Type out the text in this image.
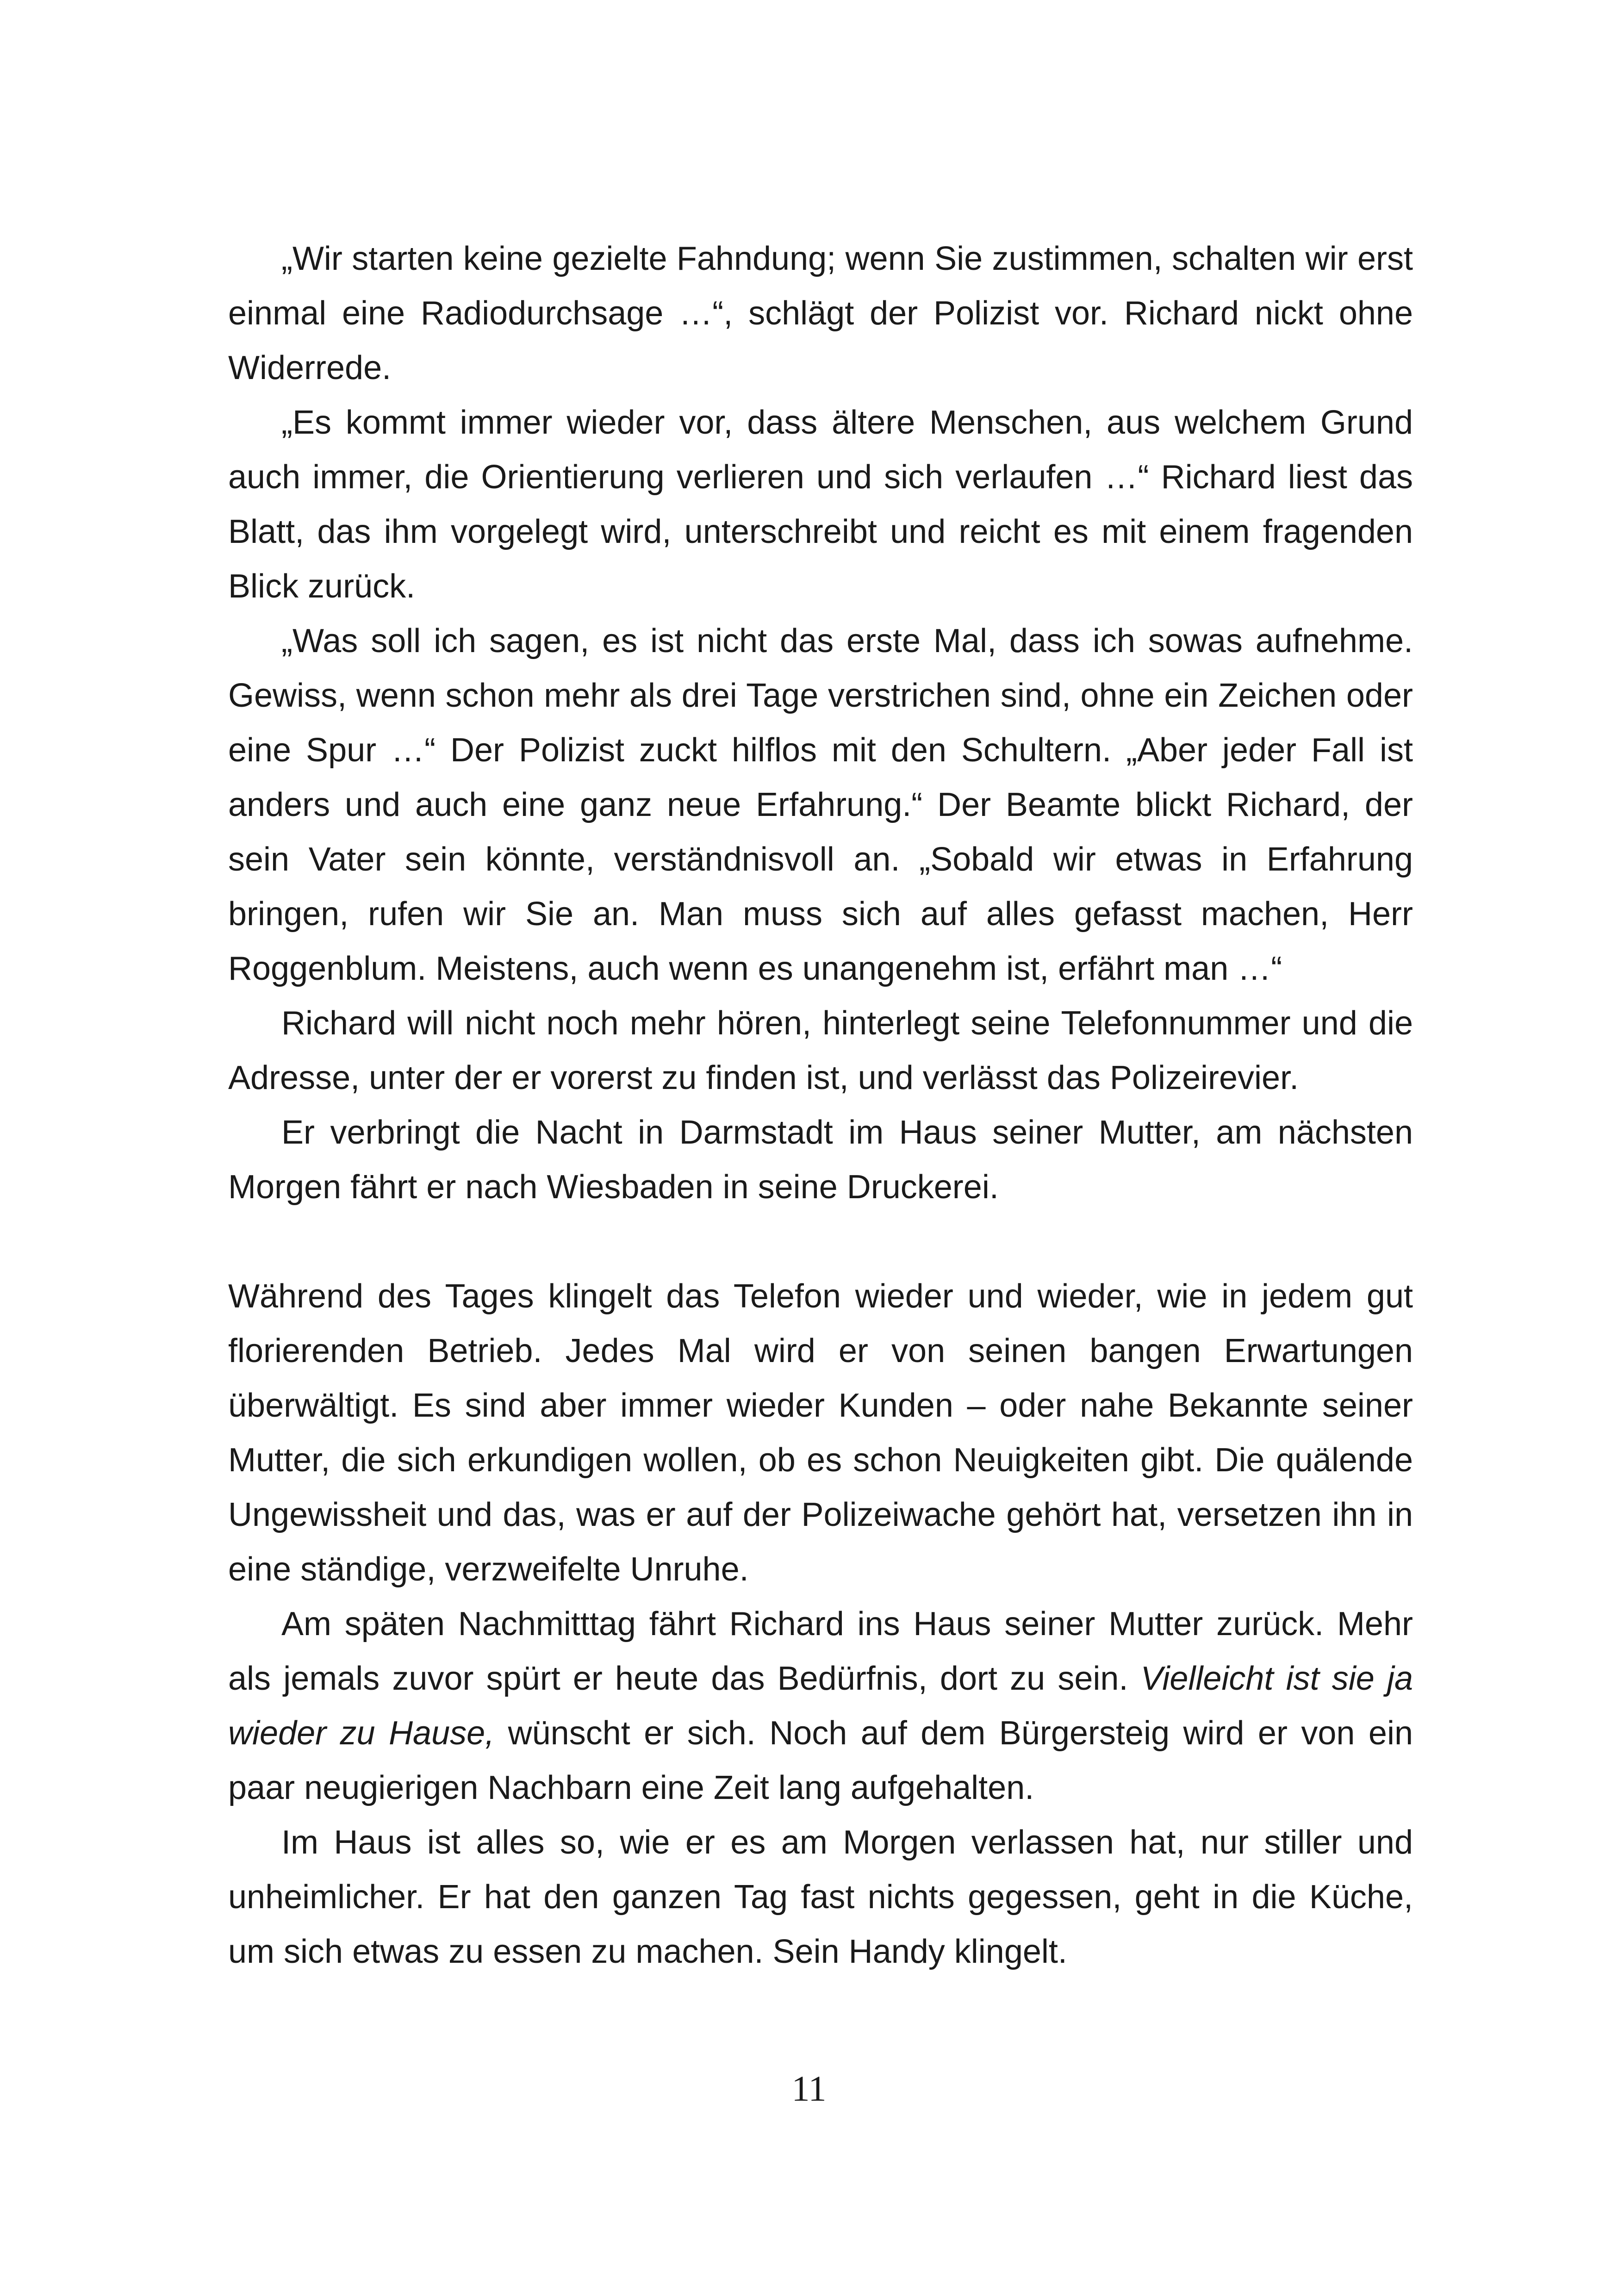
„Wir starten keine gezielte Fahndung; wenn Sie zustimmen, schalten wir erst einmal eine Radiodurchsage …“, schlägt der Polizist vor. Richard nickt ohne Widerrede.

„Es kommt immer wieder vor, dass ältere Menschen, aus welchem Grund auch immer, die Orientierung verlieren und sich verlaufen …“ Richard liest das Blatt, das ihm vorgelegt wird, unterschreibt und reicht es mit einem fragenden Blick zurück.

„Was soll ich sagen, es ist nicht das erste Mal, dass ich sowas aufnehme. Gewiss, wenn schon mehr als drei Tage verstrichen sind, ohne ein Zeichen oder eine Spur …“ Der Polizist zuckt hilflos mit den Schultern. „Aber jeder Fall ist anders und auch eine ganz neue Erfahrung.“ Der Beamte blickt Richard, der sein Vater sein könnte, verständnisvoll an. „Sobald wir etwas in Erfahrung bringen, rufen wir Sie an. Man muss sich auf alles gefasst machen, Herr Roggenblum. Meistens, auch wenn es unangenehm ist, erfährt man …“

Richard will nicht noch mehr hören, hinterlegt seine Telefonnummer und die Adresse, unter der er vorerst zu finden ist, und verlässt das Polizeirevier.

Er verbringt die Nacht in Darmstadt im Haus seiner Mutter, am nächsten Morgen fährt er nach Wiesbaden in seine Druckerei.

Während des Tages klingelt das Telefon wieder und wieder, wie in jedem gut florierenden Betrieb. Jedes Mal wird er von seinen bangen Erwartungen überwältigt. Es sind aber immer wieder Kunden – oder nahe Bekannte seiner Mutter, die sich erkundigen wollen, ob es schon Neuigkeiten gibt. Die quälende Ungewissheit und das, was er auf der Polizeiwache gehört hat, versetzen ihn in eine ständige, verzweifelte Unruhe.

Am späten Nachmitttag fährt Richard ins Haus seiner Mutter zurück. Mehr als jemals zuvor spürt er heute das Bedürfnis, dort zu sein. Vielleicht ist sie ja wieder zu Hause, wünscht er sich. Noch auf dem Bürgersteig wird er von ein paar neugierigen Nachbarn eine Zeit lang aufgehalten.

Im Haus ist alles so, wie er es am Morgen verlassen hat, nur stiller und unheimlicher. Er hat den ganzen Tag fast nichts gegessen, geht in die Küche, um sich etwas zu essen zu machen. Sein Handy klingelt.

11
